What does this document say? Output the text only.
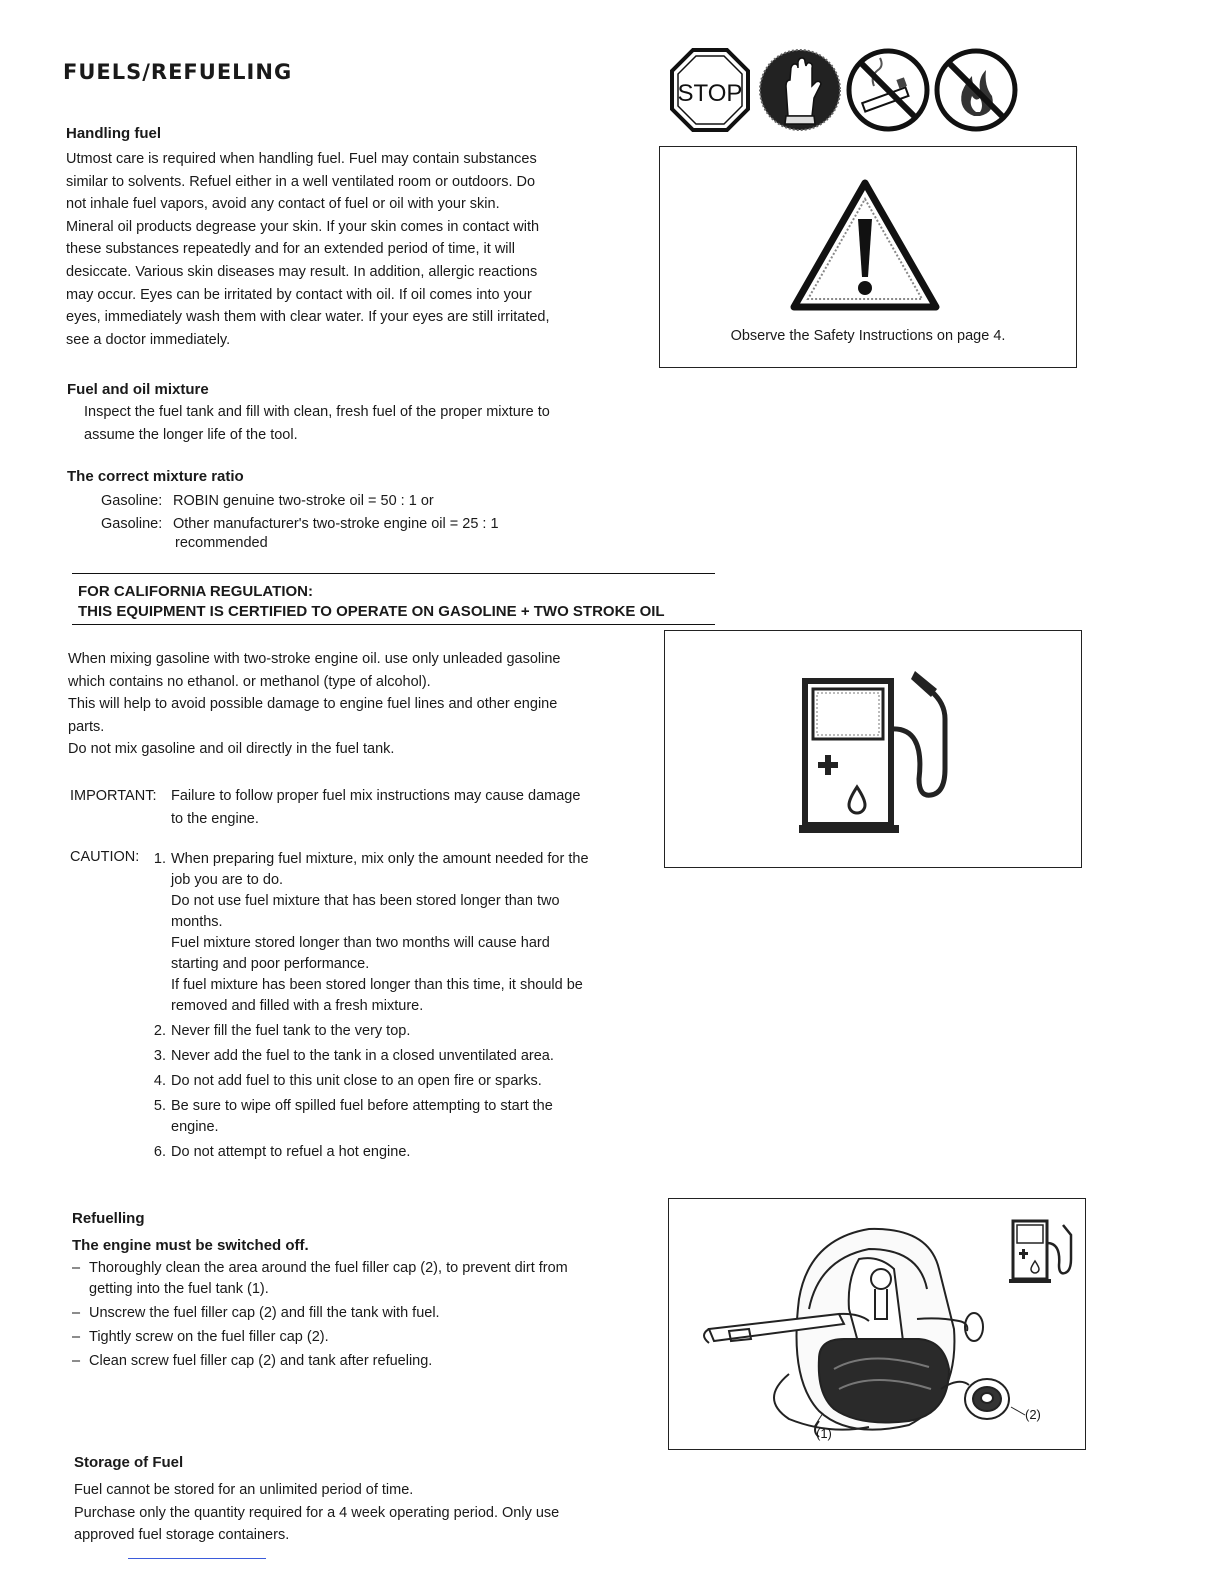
FUELS/REFUELING
STOP
Handling fuel
Utmost care is required when handling fuel. Fuel may contain substances
similar to solvents. Refuel either in a well ventilated room or outdoors. Do
not inhale fuel vapors, avoid any contact of fuel or oil with your skin.
Mineral oil products degrease your skin. If your skin comes in contact with
these substances repeatedly and for an extended period of time, it will
desiccate. Various skin diseases may result. In addition, allergic reactions
may occur. Eyes can be irritated by contact with oil. If oil comes into your
eyes, immediately wash them with clear water. If your eyes are still irritated,
see a doctor immediately.	Observe the Safety Instructions on page 4.
Fuel and oil mixture
Inspect the fuel tank and fill with clean, fresh fuel of the proper mixture to
assume the longer life of the tool.
The correct mixture ratio
Gasoline: ROBIN genuine two-stroke oil = 50 : 1 or
Gasoline: Other manufacturer's two-stroke engine oil = 25 : 1
recommended
FOR CALIFORNIA REGULATION:
THIS EQUIPMENT IS CERTIFIED TO OPERATE ON GASOLINE + TWO STROKE OIL
When mixing gasoline with two-stroke engine oil. use only unleaded gasoline
which contains no ethanol. or methanol (type of alcohol).
This will help to avoid possible damage to engine fuel lines and other engine
parts.
Do not mix gasoline and oil directly in the fuel tank.
IMPORTANT:	Failure to follow proper fuel mix instructions may cause damage
to the engine.
CAUTION:	1. When preparing fuel mixture, mix only the amount needed for the
job you are to do.
Do not use fuel mixture that has been stored longer than two
months.
Fuel mixture stored longer than two months will cause hard
starting and poor performance.
If fuel mixture has been stored longer than this time, it should be
removed and filled with a fresh mixture.
2. Never fill the fuel tank to the very top.
3. Never add the fuel to the tank in a closed unventilated area.
4. Do not add fuel to this unit close to an open fire or sparks.
5. Be sure to wipe off spilled fuel before attempting to start the
engine.
6. Do not attempt to refuel a hot engine.
Refuelling
The engine must be switched off.
– Thoroughly clean the area around the fuel filler cap (2), to prevent dirt from
getting into the fuel tank (1).
– Unscrew the fuel filler cap (2) and fill the tank with fuel.
– Tightly screw on the fuel filler cap (2).
– Clean screw fuel filler cap (2) and tank after refueling.
(1)
(2)
Storage of Fuel
Fuel cannot be stored for an unlimited period of time.
Purchase only the quantity required for a 4 week operating period. Only use
approved fuel storage containers.
